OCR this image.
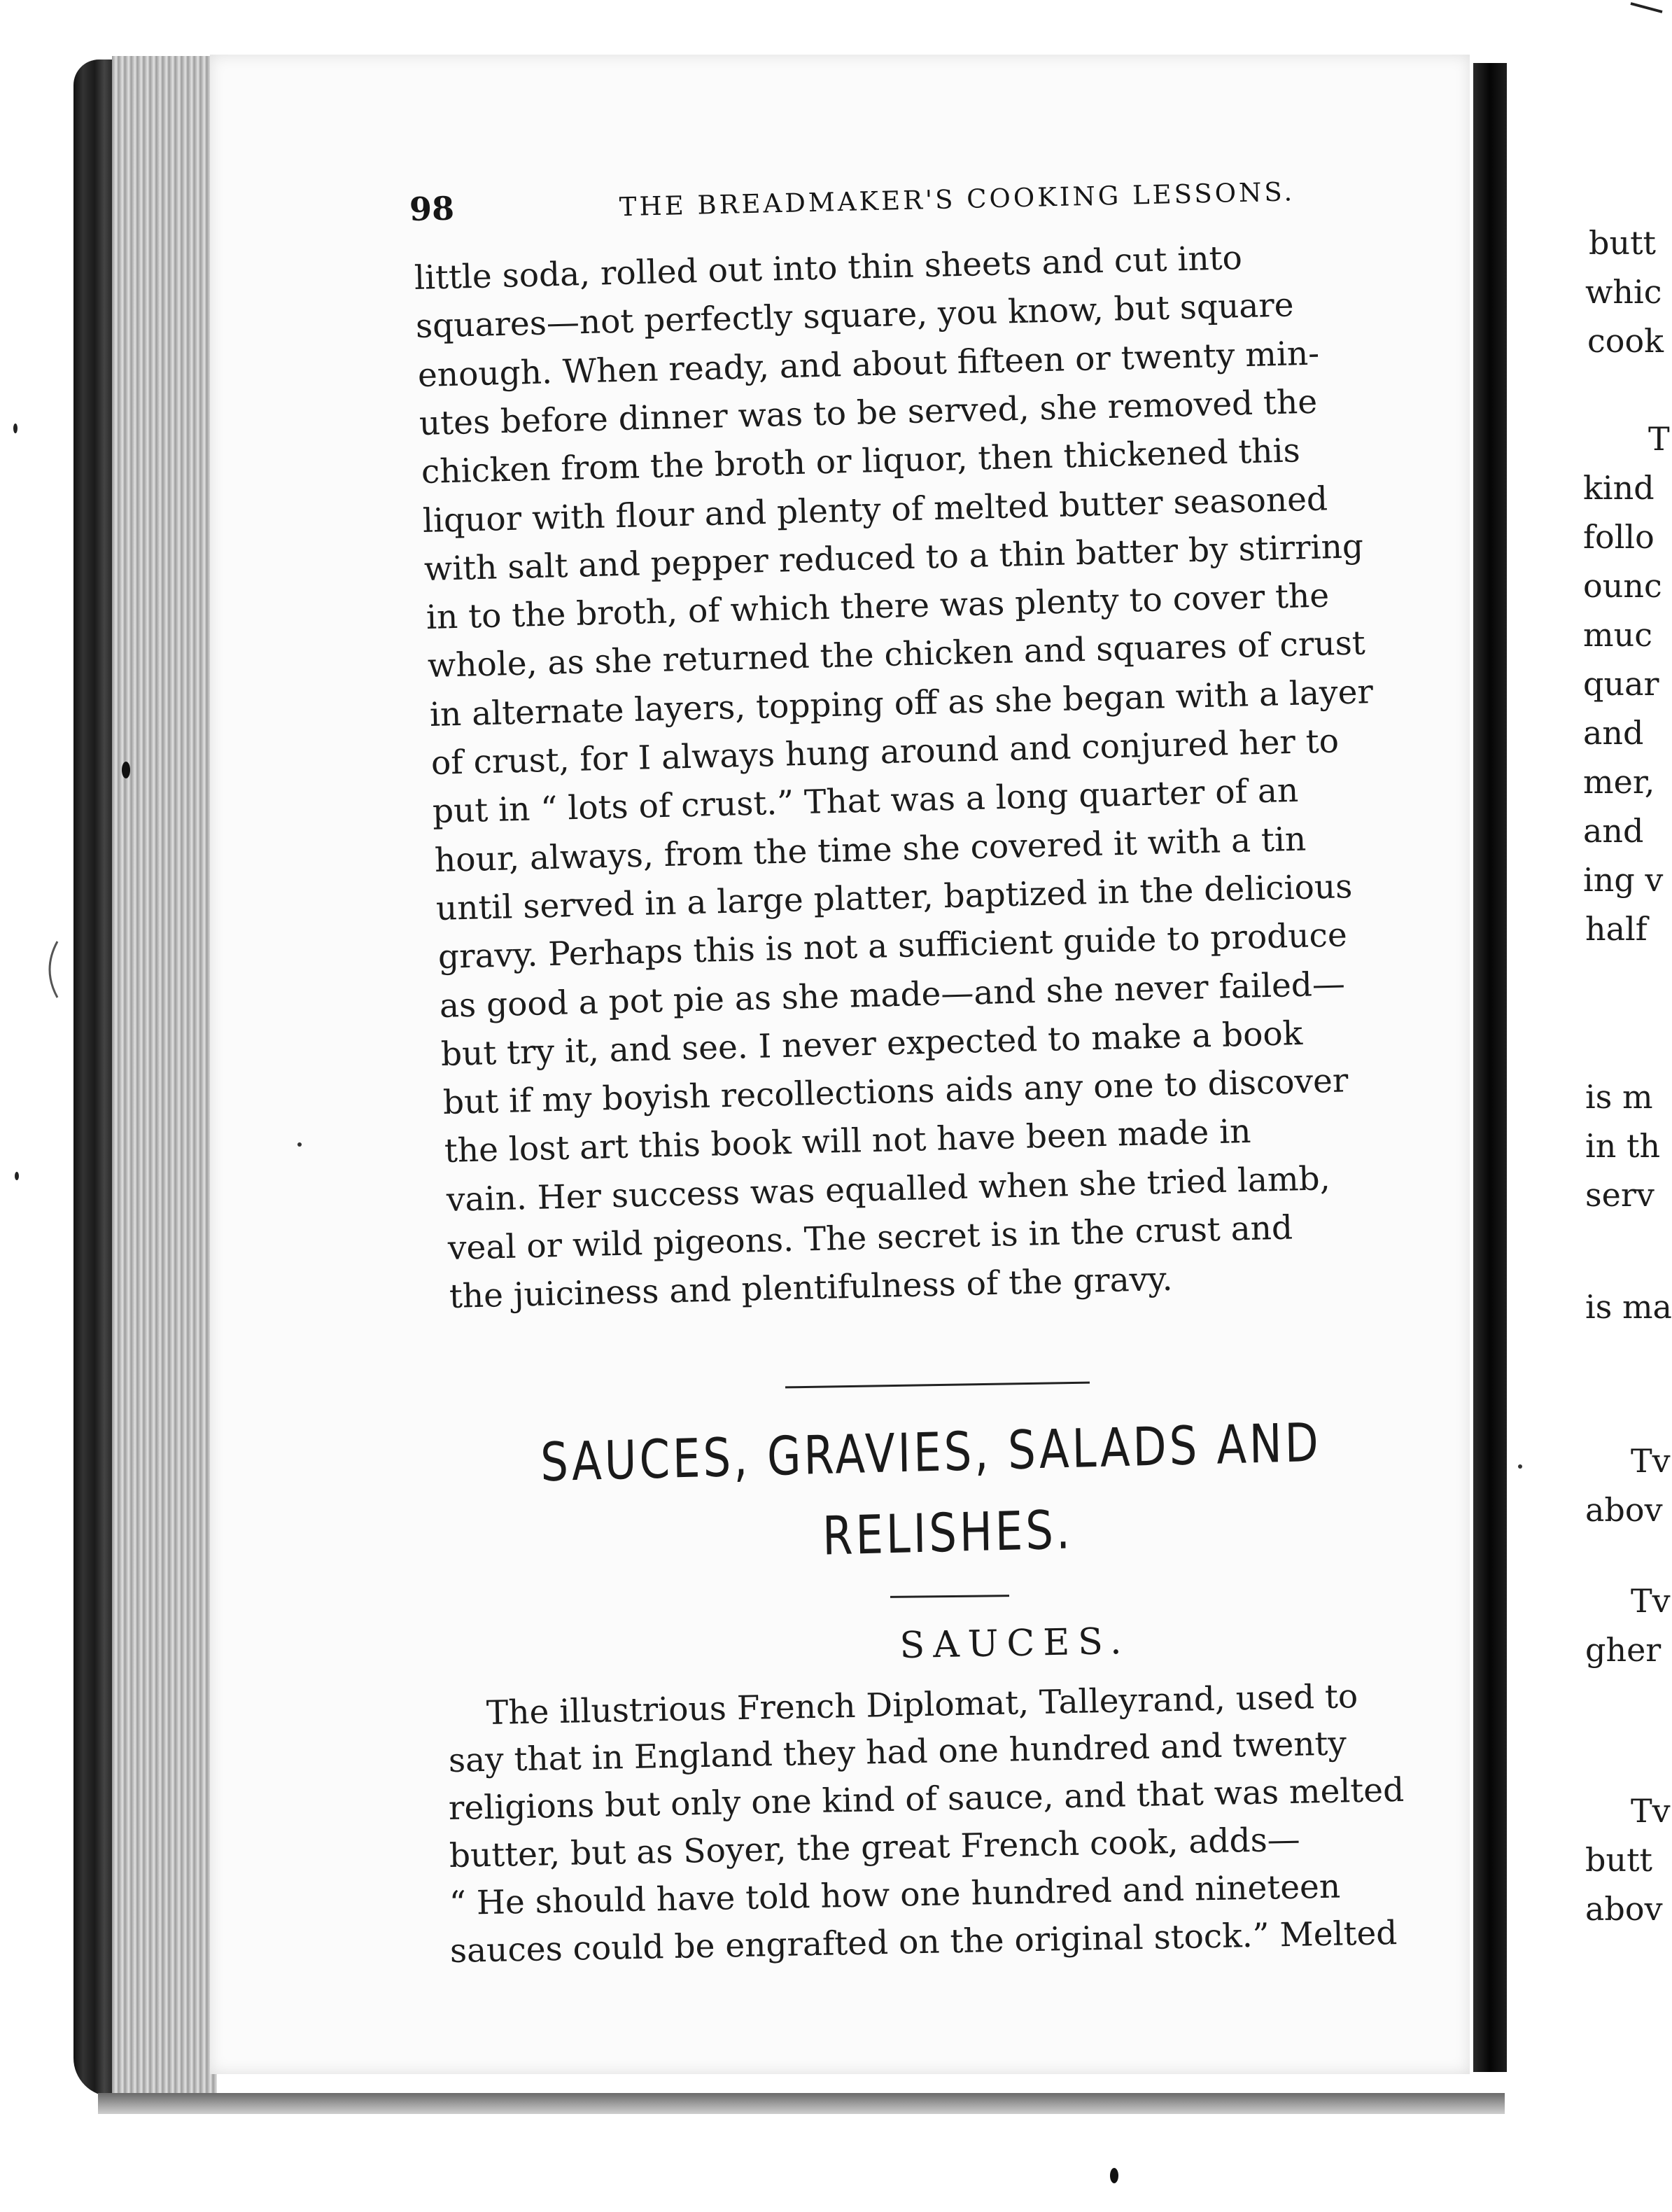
98	THE BREADMAKER'S COOKING LESSONS.
little soda, rolled out into thin sheets and cut into
squares—not perfectly square, you know, but square
enough. When ready, and about fifteen or twenty min-
utes before dinner was to be served, she removed the
chicken from the broth or liquor, then thickened this
liquor with flour and plenty of melted butter seasoned
with salt and pepper reduced to a thin batter by stirring
in to the broth, of which there was plenty to cover the
whole, as she returned the chicken and squares of crust
in alternate layers, topping off as she began with a layer
of crust, for I always hung around and conjured her to
put in “ lots of crust.” That was a long quarter of an
hour, always, from the time she covered it with a tin
until served in a large platter, baptized in the delicious
gravy. Perhaps this is not a sufficient guide to produce
as good a pot pie as she made—and she never failed—
but try it, and see. I never expected to make a book
but if my boyish recollections aids any one to discover
the lost art this book will not have been made in
vain. Her success was equalled when she tried lamb,
veal or wild pigeons. The secret is in the crust and
the juiciness and plentifulness of the gravy.
SAUCES, GRAVIES, SALADS AND
RELISHES.
SAUCES.
The illustrious French Diplomat, Talleyrand, used to
say that in England they had one hundred and twenty
religions but only one kind of sauce, and that was melted
butter, but as Soyer, the great French cook, adds—
“ He should have told how one hundred and nineteen
sauces could be engrafted on the original stock.” Melted
butt
whic
cook
T
kind
follo
ounc
muc
quar
and
mer,
and
ing v
half
is m
in th
serv
is ma
Tv
abov
Tv
gher
Tv
butt
abov
